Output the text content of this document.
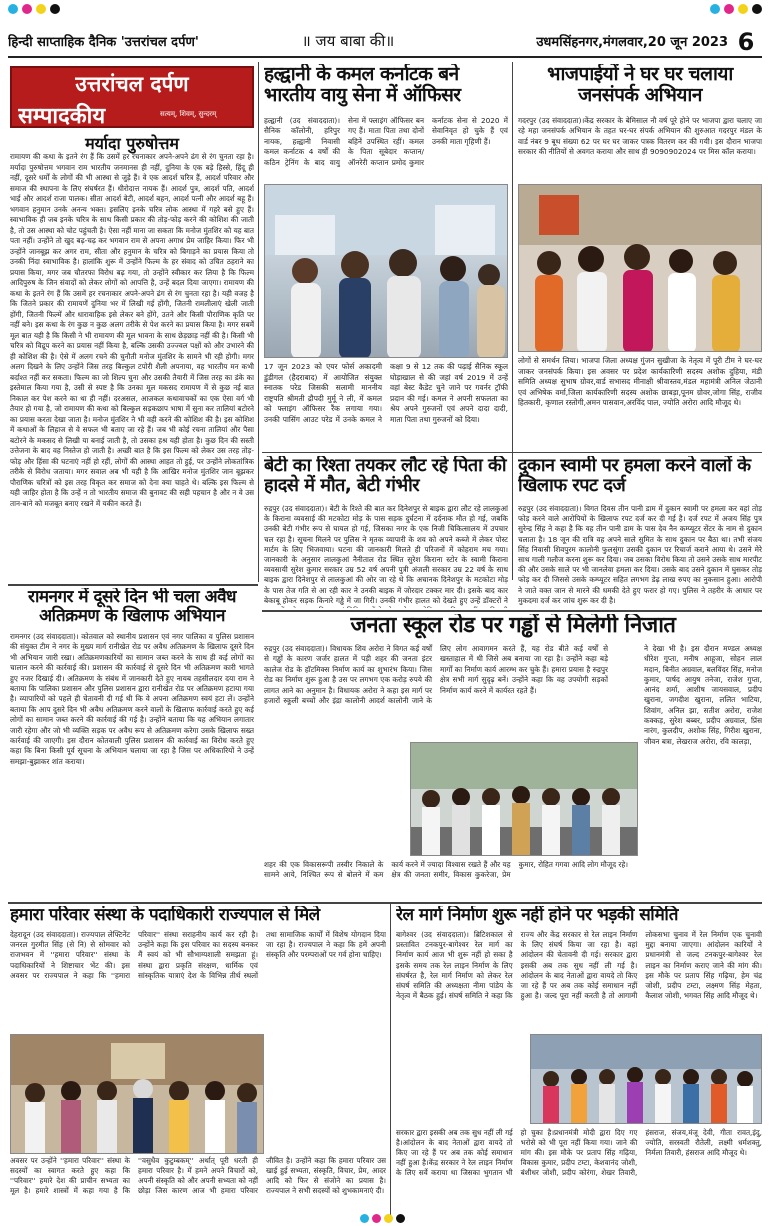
हिन्दी साप्ताहिक दैनिक 'उत्तरांचल दर्पण'	॥ जय बाबा की॥	उधमसिंहनगर,मंगलवार,20 जून 2023 6
उत्तरांचल दर्पण
सम्पादकीय	सत्यम्, शिवम्, सुन्दरम्
मर्यादा पुरुषोत्तम
रामायण की कथा के इतने रंग हैं कि उसमें हर रचनाकार अपने-अपने ढंग से रंग चुनता रहा है। मर्यादा पुरुषोत्तम भगवान राम भारतीय जनमानस ही नहीं, दुनिया के एक बड़े हिस्से, हिंदू ही नहीं, दूसरे धर्मों के लोगों की भी आस्था से जुड़े हैं। वे एक आदर्श चरित्र हैं, आदर्श परिवार और समाज की स्थापना के लिए संघर्षरत हैं। धीरोदात्त नायक हैं। आदर्श पुत्र, आदर्श पति, आदर्श भाई और आदर्श राजा पालक। सीता आदर्श बेटी, आदर्श बहन, आदर्श पत्नी और आदर्श बहू हैं। भगवान हनुमान उनके अनन्य भक्त। इसलिए इनके चरित्र लोक आस्था में गहरे बसे हुए हैं। स्वाभाविक ही जब इनके चरित्र के साथ किसी प्रकार की तोड़-फोड़ करने की कोशिश की जाती है, तो उस आस्था को चोट पहुंचती है। ऐसा नहीं माना जा सकता कि मनोज मुंतशिर को यह बात पता नहीं। उन्होंने तो खुद बढ़-चढ़ कर भगवान राम से अपना अगाध प्रेम जाहिर किया। फिर भी उन्होंने जानबूझ कर अगर राम, सीता और हनुमान के चरित्र को बिगाड़ने का प्रयास किया तो उनकी निंदा स्वाभाविक है। हालांकि शुरू में उन्होंने फिल्म के हर संवाद को उचित ठहराने का प्रयास किया, मगर जब चौतरफा विरोध बढ़ गया, तो उन्होंने स्वीकार कर लिया है कि फिल्म आदिपुरुष के जिन संवादों को लेकर लोगों को आपत्ति है, उन्हें बदल दिया जाएगा। रामायण की कथा के इतने रंग हैं कि उसमें हर रचनाकार अपने-अपने ढंग से रंग चुनता रहा है। यही वजह है कि जितने प्रकार की रामायणें दुनिया भर में लिखी गई होंगी, जितनी रामलीलाएं खेली जाती होंगी, जितनी फिल्में और धारावाहिक इसे लेकर बने होंगे, उतने और किसी पौराणिक कृति पर नहीं बने। इस कथा के रंग कुछ न कुछ अलग तरीके से पेश करने का प्रयास किया है। मगर सबमें मूल बात यही है कि किसी ने भी रामायण की मूल भावना के साथ छेड़छाड़ नहीं की है। किसी भी चरित्र को विद्रूप करने का प्रयास नहीं किया है, बल्कि उसकी उज्ज्वल पक्षों को और उभारने की ही कोशिश की है। ऐसे में अलग रचने की चुनौती मनोज मुंतशिर के सामने भी रही होगी। मगर अलग दिखने के लिए उन्होंने जिस तरह बिल्कुल टपोरी शैली अपनाया, वह भारतीय मन कभी बर्दाश्त नहीं कर सकता। फिल्म का जो शिल्प चुना और उसकी तैयारी में जिस तरह का डंके का इस्तेमाल किया गया है, उसी से स्पष्ट है कि उनका मूल मकसद रामायण में से कुछ नई बात निकाल कर पेश करने का था ही नहीं। दरअसल, आजकल कथावाचकों का एक ऐसा वर्ग भी तैयार हो गया है, जो रामायण की कथा को बिल्कुल सड़कछाप भाषा में सुना कर तालियां बटोरने का प्रयास करता देखा जाता है। मनोज मुंतशिर ने भी वही करने की कोशिश की है। इस कोशिश में कथाओं के लिहाज से वे सफल भी बताए जा रहे हैं। जब भी कोई रचना तालियां और पैसा बटोरने के मकसद से लिखी या बनाई जाती है, तो उसका हश्र यही होता है। कुछ दिन की सस्ती उत्तेजना के बाद वह निस्तेज हो जाती है। अच्छी बात है कि इस फिल्म को लेकर उस तरह तोड़-फोड़ और हिंसा की घटनाएं नहीं हो रहीं, लोगों की आस्था आहत तो हुई, पर उन्होंने लोकतांत्रिक तरीके से विरोध जताया। मगर सवाल अब भी यही है कि आखिर मनोज मुंतशिर जान बूझकर पौराणिक चरित्रों को इस तरह विकृत कर समाज को देना क्या चाहते थे। बल्कि इस फिल्म से यही जाहिर होता है कि उन्हें न तो भारतीय समाज की बुनावट की सही पहचान है और न वे उस तान-बाने को मजबूत बनाए रखने में यकीन करते हैं।
हल्द्वानी के कमल कर्नाटक बने भारतीय वायु सेना में ऑफिसर
हल्द्वानी (उद संवाददाता)। सैनिक कॉलोनी, हरिपुर नायक, हल्द्वानी निवासी कमल कर्नाटक 4 वर्षों की कठिन ट्रेनिंग के बाद वायु सेना में फ्लाइंग ऑफिसर बन गए हैं। माता पिता तथा दोनों बहिनें उपस्थित रहीं। कमल के पिता सूबेदार कप्तान/ऑनरेरी कप्तान प्रमोद कुमार कर्नाटक सेना से 2020 में सेवानिवृत हो चुके हैं एवं उनकी माता गृहिणी हैं।
17 जून 2023 को एयर फोर्स अकादमी डुंडीगल (हैदराबाद) में आयोजित संयुक्त स्नातक परेड जिसकी सलामी माननीय राष्ट्रपति श्रीमती द्रौपदी मुर्मू ने ली, में कमल को फ्लाइंग ऑफिसर रैंक लगाया गया। उनकी पासिंग आउट परेड में उनके कमल ने कक्षा 9 से 12 तक की पढ़ाई सैनिक स्कूल घोड़ाखाल से की जहां वर्ष 2019 में उन्हें वहां बेस्ट कैडेट चुने जाने पर गवर्नर ट्रॉफी प्रदान की गई। कमल ने अपनी सफलता का श्रेय अपने गुरुजनों एवं अपने दादा दादी, माता पिता तथा गुरुजनों को दिया।
भाजपाईयों ने घर घर चलाया जनसंपर्क अभियान
गदरपुर (उद संवाददाता)।केंद्र सरकार के बेमिसाल नौ वर्ष पूरे होने पर भाजपा द्वारा चलाए जा रहे महा जनसंपर्क अभियान के तहत घर-घर संपर्क अभियान की शुरुआत गदरपुर मंडल के वार्ड नंबर 9 बूथ संख्या 62 पर घर घर जाकर पत्रक वितरण कर की गयी। इस दौरान भाजपा सरकार की नीतियों से अवगत कराया और साथ ही 9090902024 पर मिस कॉल कराया।
लोगों से समर्थन लिया। भाजपा जिला अध्यक्ष गुंजन सुखीजा के नेतृत्व में पूरी टीम ने घर-घर जाकर जनसंपर्क किया। इस अवसर पर प्रदेश कार्यकारिणी सदस्य अशोक दुहिया, मंडी समिति अध्यक्ष सुभाष ग्रोवर,वार्ड सभासद मीनाक्षी श्रीवास्तव,मंडल महामंत्री अनिल जेठानी एवं अभिषेक वर्मा,जिला कार्यकारिणी सदस्य अशोक छाबड़ा,पूनम ग्रोवर,जोगा सिंह, राजीव हितकारी, कृणाल रस्तोगी,अमन पासवान,अरविंद पाल, ज्योति अरोरा आदि मौजूद थे।
बेटी का रिश्ता तयकर लौट रहे पिता की हादसे में मौत, बेटी गंभीर
रुद्रपुर (उद संवाददाता)। बेटी के रिश्ते की बात कर दिनेशपुर से बाइक द्वारा लौट रहे लालकुआं के किराना व्यवसाई की मटकोटा मोड़ के पास सड़क दुर्घटना में दर्दनाक मौत हो गई, जबकि उनकी बेटी गंभीर रूप से घायल हो गई, जिसका नगर के एक निजी चिकित्सालय में उपचार चल रहा है। सूचना मिलने पर पुलिस ने मृतक व्यापारी के शव को अपने कब्जे में लेकर पोस्ट मार्टम के लिए भिजवाया। घटना की जानकारी मिलते ही परिजनों में कोहराम मच गया। जानकारी के अनुसार लालकुआं नैनीताल रोड स्थित सुरेश किराना स्टोर के स्वामी किराना व्यवसायी सुरेश कुमार सरकार उम्र 52 वर्ष अपनी पुत्री अंजली सरकार उम्र 22 वर्ष के साथ बाइक द्वारा दिनेशपुर से लालकुआं की ओर जा रहे थे कि अचानक दिनेशपुर के मटकोटा मोड़ के पास तेज गति से आ रही कार ने उनकी बाइक में जोरदार टक्कर मार दी। इसके बाद कार बेकाबू होकर सड़क किनारे गड्ढे में जा गिरी। उनकी गंभीर हालत को देखते हुए उन्हें डॉक्टरों ने
दुकान स्वामी पर हमला करने वालों के खिलाफ रपट दर्ज
रुद्रपुर (उद संवाददाता)। विगत दिवस तीन पानी डाम में दुकान स्वामी पर हमला कर वहां तोड़ फोड़ करने वाले आरोपियों के खिलाफ रपट दर्ज कर दी गई है। दर्ज रपट में अजय सिंह पुत्र सुरेन्द्र सिंह ने कहा है कि वह तीन पानी डाम के पास देव नैन कम्प्यूटर सेंटर के नाम से दुकान चलाता है। 18 जून की रात्रि वह अपने साले सुमित के साथ दुकान पर बैठा था। तभी संजय सिंह निवासी शिवपुरम कालोनी फुलसुंगा उसकी दुकान पर रिचार्ज कराने आया थे। उसने मेरे साथ गाली गलौज करना शुरू कर दिया। जब उसका विरोध किया तो उसने उसके साथ मारपीट की और उसके साले पर भी जानलेवा हमला कर दिया। उसके बाद उसने दुकान में घुसकर तोड़ फोड़ कर दी जिससे उसके कम्प्यूटर सहित लगभग डेढ़ लाख रुपए का नुकसान हुआ। आरोपी ने जाते वक्त जान से मारने की धमकी देते हुए फरार हो गए। पुलिस ने तहरीर के आधार पर मुकदमा दर्ज कर जांच शुरू कर दी है।
रामनगर में दूसरे दिन भी चला अवैध अतिक्रमण के खिलाफ अभियान
रामनगर (उद संवाददाता)। कोतवाल को स्थानीय प्रशासन एवं नगर पालिका व पुलिस प्रशासन की संयुक्त टीम ने नगर के मुख्य मार्ग रानीखेत रोड पर अवैध अतिक्रमण के खिलाफ दूसरे दिन भी अभियान जारी रखा। अतिक्रमणकारियों का सामान जब्त करने के साथ ही कई लोगों का चालान करने की कार्रवाई की। प्रशासन की कार्रवाई से दूसरे दिन भी अतिक्रमण कारी भागते हुए नजर दिखाई दी। अतिक्रमण के संबंध में जानकारी देते हुए नायब तहसीलदार दया राम ने बताया कि पालिका प्रशासन और पुलिस प्रशासन द्वारा रानीखेत रोड पर अतिक्रमण हटाया गया है। व्यापारियों को पहले ही चेतावनी दी गई थी कि वे अपना अतिक्रमण स्वयं हटा लें। उन्होंने बताया कि आप दुसरे दिन भी अवैध अतिक्रमण करने वालों के खिलाफ कार्रवाई करते हुए कई लोगों का सामान जब्त करने की कार्रवाई की गई है। उन्होंने बताया कि यह अभियान लगातार जारी रहेगा और जो भी व्यक्ति सड़क पर अवैध रूप से अतिक्रमण करेगा उसके खिलाफ सख्त कार्रवाई की जाएगी। इस दौरान कोतवाली पुलिस प्रशासन की कार्रवाई का विरोध करते हुए कहा कि बिना किसी पूर्व सूचना के अभियान चलाया जा रहा है जिस पर अधिकारियों ने उन्हें समझा-बुझाकर शांत कराया।
जनता स्कूल रोड पर गड्ढों से मिलेगी निजात
रुद्रपुर (उद संवाददाता)। विधायक शिव अरोरा ने विगत कई वर्षों से गड्ढों के कारण जर्जर हालत में पड़ी शहर की जनता इंटर कालेज रोड के हॉटमिक्स निर्माण कार्य का शुभारंभ किया। जिस रोड का निर्माण शुरू हुआ है उस पर लगभग एक करोड़ रुपये की लागत आने का अनुमान है। विधायक अरोरा ने कहा इस मार्ग पर हजारों स्कूली बच्चों और इंद्रा कालोनी आदर्श कालोनी जाने के लिए लोग आवागमन करते हैं, यह रोड बीते कई वर्षों से खस्ताहाल में थी जिसे अब बनाया जा रहा है। उन्होंने कहा बड़े मार्गों का निर्माण कार्य आरम्भ कर चुके हैं। हमारा प्रयास है रुद्रपुर क्षेत्र सभी मार्ग सुदृढ़ बनें। उन्होंने कहा कि वह उपयोगी सड़कों निर्माण कार्य करने में कार्यरत रहते हैं।
ने देखा भी है। इस दौरान मण्डल अध्यक्ष धीरेश गुप्ता, मनीष आहूजा, सोहन लाल मदान, बिनीत अग्रवाल, बलविंदर सिंह, मनोज कुमार, पार्षद आयुष तनेजा, राजेश गुप्ता, आनंद शर्मा, आशीष जायसवाल, प्रदीप खुराना, जगदीश खुराना, ललित भाटिया, शिवांग, अनिल झा, सतीश अरोरा, राजेश कक्कड़, सुरेश बब्बर, प्रदीप अग्रवाल, प्रिंस नारंग, कुलदीप, अशोक सिंह, गिरीश खुराना, जीवन बत्रा, लेखराज अरोरा, रवि कालड़ा,
शहर की एक विकासरूपी तस्वीर निकाले के सामने आये, निश्चित रूप से बोलने में कम कार्य करने में ज्यादा विश्वास रखते हैं और यह क्षेत्र की जनता समीर, विकास कुकरेजा, प्रेम कुमार, रोहित गगवा आदि लोग मौजूद रहे।
हमारा परिवार संस्था के पदाधिकारी राज्यपाल से मिले
देहरादून (उद संवाददाता)। राज्यपाल लेफ्टिनेंट जनरल गुरमीत सिंह (से नि) से सोमवार को राजभवन में ''हमारा परिवार'' संस्था के पदाधिकारियों ने शिष्टाचार भेंट की। इस अवसर पर राज्यपाल ने कहा कि ''हमारा परिवार'' संस्था सराहनीय कार्य कर रही है। उन्होंने कहा कि इस परिवार का सदस्य बनकर मैं स्वयं को भी सौभाग्यशाली समझता हूं। संस्था द्वारा प्रकृति संरक्षण, धार्मिक एवं सांस्कृतिक यात्राएं देश के विभिन्न तीर्थ स्थलों तथा सामाजिक कार्यों में विशेष योगदान दिया जा रहा है। राज्यपाल ने कहा कि हमें अपनी संस्कृति और परम्पराओं पर गर्व होना चाहिए।
अवसर पर उन्होंने ''हमारा परिवार'' संस्था के सदस्यों का स्वागत करते हुए कहा कि ''परिवार'' हमारे देश की प्राचीन सभ्यता का मूल है। हमारे शास्त्रों में कहा गया है कि ''वसुधैव कुटुम्बकम्'' अर्थात् पूरी धरती ही हमारा परिवार है। में हमने अपने विचारों को, अपनी संस्कृति को और अपनी सभ्यता को नहीं छोड़ा जिस कारण आज भी हमारा परिवार जीवित है। उन्होंने कहा कि हमारा परिवार उस खाई हुई सभ्यता, संस्कृति, विचार, प्रेम, आदर आदि को फिर से संजोने का प्रयास है। राज्यपाल ने सभी सदस्यों को शुभकामनाएं दी।
रेल मार्ग निर्माण शुरू नहीं होने पर भड़की समिति
बागेश्वर (उद संवाददाता)। ब्रिटिशकाल से प्रस्तावित टनकपुर-बागेश्वर रेल मार्ग का निर्माण कार्य आज भी शुरू नहीं हो सका है इसके समय तक रेल लाइन निर्माण के लिए संघर्षरत है, रेल मार्ग निर्माण को लेकर रेल संघर्ष समिति की अध्यक्षता नीमा पांडेय के नेतृत्व में बैठक हुई। संघर्ष समिति ने कहा कि राज्य और केंद्र सरकार से रेल लाइन निर्माण के लिए संघर्ष किया जा रहा है। वहां आंदोलन की चेतावनी दी गई। सरकार द्वारा इसकी अब तक सुध नहीं ली गई है। आंदोलन के बाद नेताओं द्वारा वायदे तो किए जा रहे हैं पर अब तक कोई समाधान नहीं हुआ है। जल्द पूरा नहीं करती है तो आगामी लोकसभा चुनाव में रेल निर्माण एक चुनावी मुद्दा बनाया जाएगा। आंदोलन कारियों ने प्रधानमंत्री से जल्द टनकपुर-बागेश्वर रेल लाइन का निर्माण कराए जाने की मांग की। इस मौके पर प्रताप सिंह गढ़िया, हेम चंद्र जोशी, प्रदीप टम्टा, लक्ष्मण सिंह मेहता, कैलाश जोशी, भगवत सिंह आदि मौजूद थे।
सरकार द्वारा इसकी अब तक सुध नहीं ली गई है।आंदोलन के बाद नेताओं द्वारा वायदे तो किए जा रहे हैं पर अब तक कोई समाधान नहीं हुआ है।केंद्र सरकार ने रेल लाइन निर्माण के लिए सर्वे कराया था जिसका भुगतान भी हो चुका है।प्रधानमंत्री मोदी द्वारा दिए गए भरोसे को भी पूरा नहीं किया गया। जाने की मांग की। इस मौके पर प्रताप सिंह गढ़िया, विकास कुमार, प्रदीप टम्टा, केशवानंद जोशी, बंशीधर जोशी, प्रदीप कोरंगा, शेखर तिवारी, हंसराज, संजय,मंजू देवी, गीता रावत,इंदु, ज्योति, सरस्वती रौतेली, लक्ष्मी धर्मशक्तु, निर्मला तिवारी, हंसराज आदि मौजूद थे।
